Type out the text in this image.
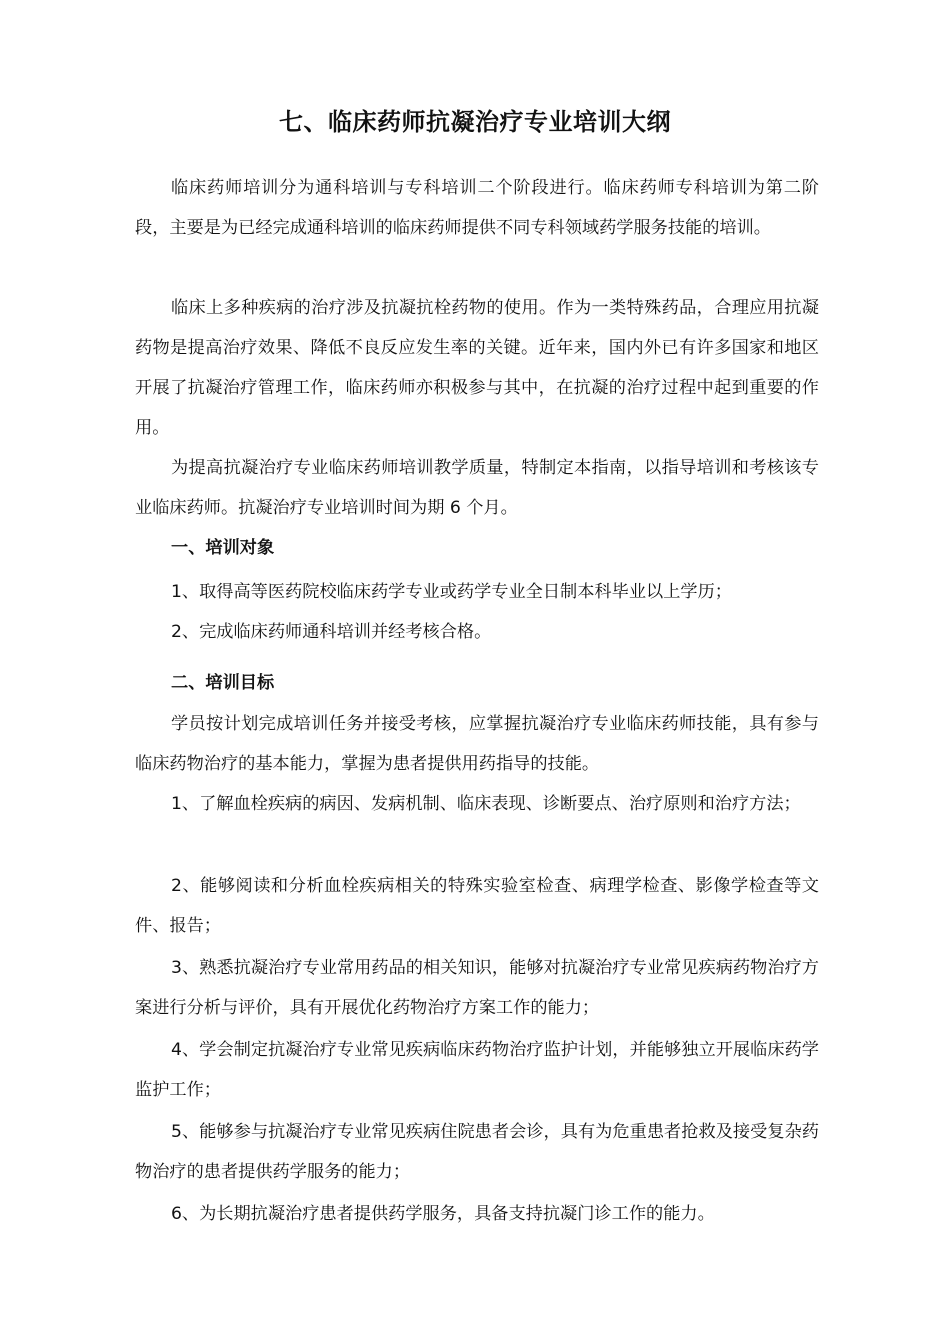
七、临床药师抗凝治疗专业培训大纲
临床药师培训分为通科培训与专科培训二个阶段进行。临床药师专科培训为第二阶段，主要是为已经完成通科培训的临床药师提供不同专科领域药学服务技能的培训。
临床上多种疾病的治疗涉及抗凝抗栓药物的使用。作为一类特殊药品，合理应用抗凝药物是提高治疗效果、降低不良反应发生率的关键。近年来，国内外已有许多国家和地区开展了抗凝治疗管理工作，临床药师亦积极参与其中，在抗凝的治疗过程中起到重要的作用。
为提高抗凝治疗专业临床药师培训教学质量，特制定本指南，以指导培训和考核该专业临床药师。抗凝治疗专业培训时间为期 6 个月。
一、培训对象
1、取得高等医药院校临床药学专业或药学专业全日制本科毕业以上学历；
2、完成临床药师通科培训并经考核合格。
二、培训目标
学员按计划完成培训任务并接受考核，应掌握抗凝治疗专业临床药师技能，具有参与临床药物治疗的基本能力，掌握为患者提供用药指导的技能。
1、了解血栓疾病的病因、发病机制、临床表现、诊断要点、治疗原则和治疗方法；
2、能够阅读和分析血栓疾病相关的特殊实验室检查、病理学检查、影像学检查等文件、报告；
3、熟悉抗凝治疗专业常用药品的相关知识，能够对抗凝治疗专业常见疾病药物治疗方案进行分析与评价，具有开展优化药物治疗方案工作的能力；
4、学会制定抗凝治疗专业常见疾病临床药物治疗监护计划，并能够独立开展临床药学监护工作；
5、能够参与抗凝治疗专业常见疾病住院患者会诊，具有为危重患者抢救及接受复杂药物治疗的患者提供药学服务的能力；
6、为长期抗凝治疗患者提供药学服务，具备支持抗凝门诊工作的能力。
